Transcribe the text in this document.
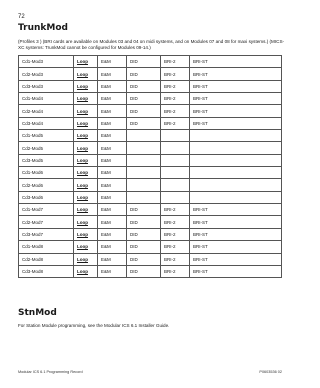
72
TrunkMod
(Profiles 3 ) (BRI cards are available on Modules 03 and 04 on midi systems, and on Modules 07 and 08 for maxi systems.) (MICS-XC systems: TrunkMod cannot be configured for Modules 09-14.)
Cd1-Mod3	Loop	E&M	DID	BRI-2	BRI-ST
Cd2-Mod3	Loop	E&M	DID	BRI-2	BRI-ST
Cd3-Mod3	Loop	E&M	DID	BRI-2	BRI-ST
Cd1-Mod4	Loop	E&M	DID	BRI-2	BRI-ST
Cd2-Mod4	Loop	E&M	DID	BRI-2	BRI-ST
Cd3-Mod4	Loop	E&M	DID	BRI-2	BRI-ST
Cd1-Mod5	Loop	E&M			
Cd2-Mod5	Loop	E&M			
Cd3-Mod5	Loop	E&M			
Cd1-Mod6	Loop	E&M			
Cd2-Mod6	Loop	E&M			
Cd3-Mod6	Loop	E&M			
Cd1-Mod7	Loop	E&M	DID	BRI-2	BRI-ST
Cd2-Mod7	Loop	E&M	DID	BRI-2	BRI-ST
Cd3-Mod7	Loop	E&M	DID	BRI-2	BRI-ST
Cd1-Mod8	Loop	E&M	DID	BRI-2	BRI-ST
Cd2-Mod8	Loop	E&M	DID	BRI-2	BRI-ST
Cd3-Mod8	Loop	E&M	DID	BRI-2	BRI-ST
StnMod
For Station Module programming, see the Modular ICS 6.1 Installer Guide.
Modular ICS 6.1 Programming Record	P0603536 02
